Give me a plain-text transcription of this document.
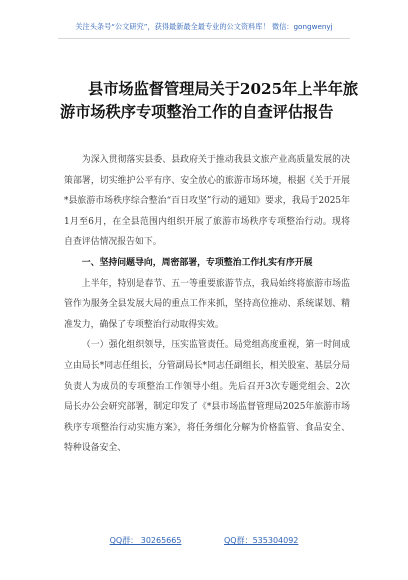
关注头条号“公文研究”，获得最新最全最专业的公文资料库！ 微信：gongwenyj
县市场监督管理局关于2025年上半年旅
游市场秩序专项整治工作的自查评估报告

为深入贯彻落实县委、县政府关于推动我县文旅产业高质量发展的决策部署，切实维护公平有序、安全放心的旅游市场环境，根据《关于开展*县旅游市场秩序综合整治“百日攻坚”行动的通知》要求，我局于2025年1月至6月，在全县范围内组织开展了旅游市场秩序专项整治行动。现将自查评估情况报告如下。

一、坚持问题导向，周密部署，专项整治工作扎实有序开展

上半年，特别是春节、五一等重要旅游节点，我局始终将旅游市场监管作为服务全县发展大局的重点工作来抓，坚持高位推动、系统谋划、精准发力，确保了专项整治行动取得实效。

（一）强化组织领导，压实监管责任。局党组高度重视，第一时间成立由局长*同志任组长，分管副局长*同志任副组长，相关股室、基层分局负责人为成员的专项整治工作领导小组。先后召开3次专题党组会、2次局长办公会研究部署，制定印发了《*县市场监督管理局2025年旅游市场秩序专项整治行动实施方案》，将任务细化分解为价格监管、食品安全、特种设备安全、

QQ群： 30265665	QQ群：535304092
